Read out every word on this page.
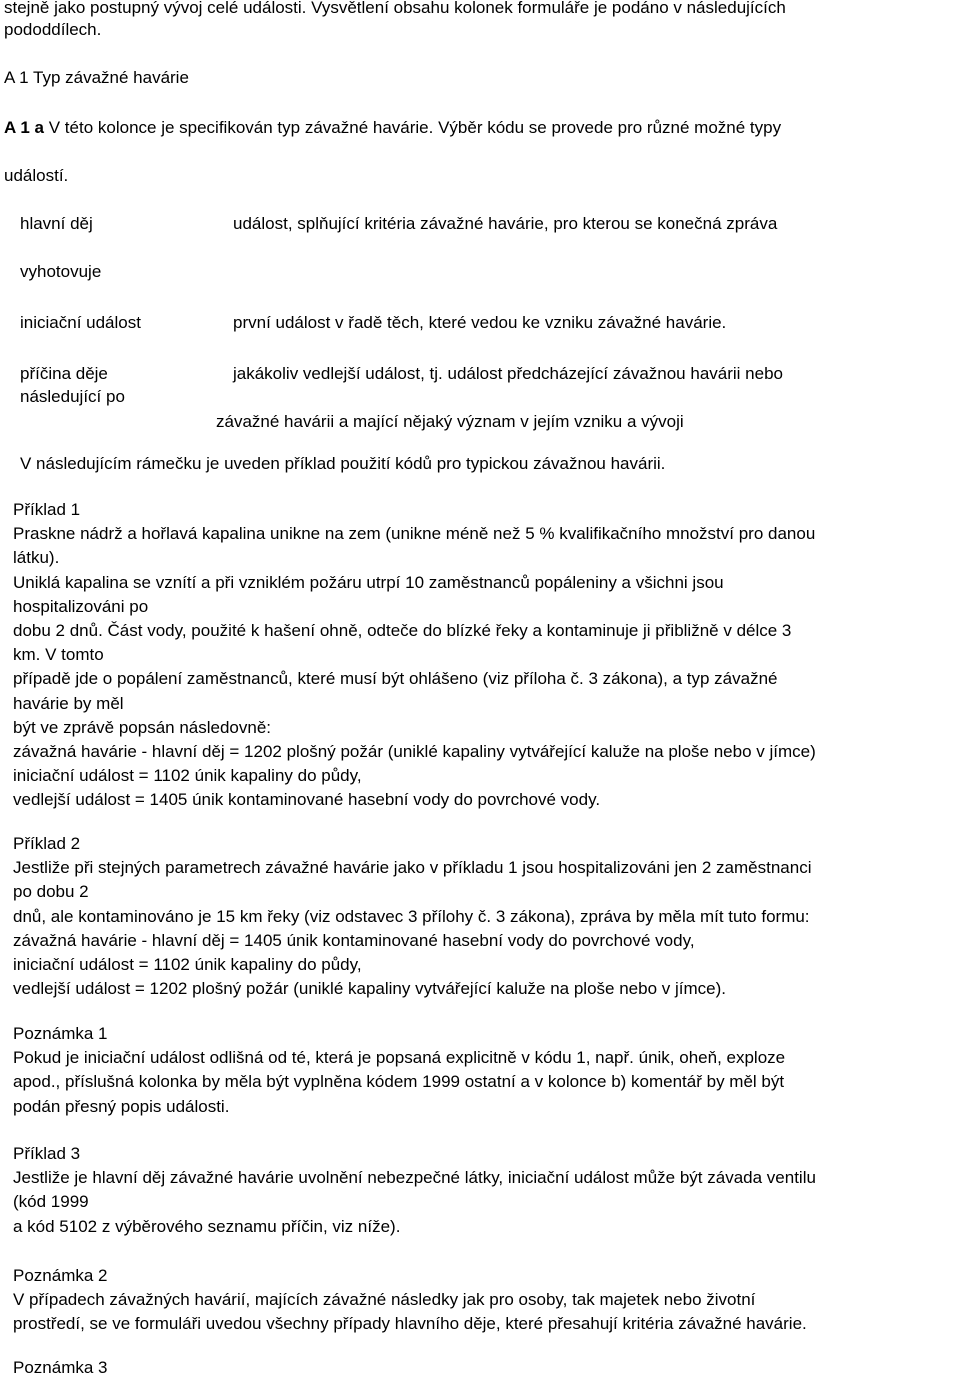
stejně jako postupný vývoj celé události. Vysvětlení obsahu kolonek formuláře je podáno v následujících
pododdílech.
A 1 Typ závažné havárie
A 1 a V této kolonce je specifikován typ závažné havárie. Výběr kódu se provede pro různé možné typy
událostí.
hlavní děj	událost, splňující kritéria závažné havárie, pro kterou se konečná zpráva
vyhotovuje
iniciační událost	první událost v řadě těch, které vedou ke vzniku závažné havárie.
příčina děje
následující po
jakákoliv vedlejší událost, tj. událost předcházející závažnou havárii nebo
závažné havárii a mající nějaký význam v jejím vzniku a vývoji
V následujícím rámečku je uveden příklad použití kódů pro typickou závažnou havárii.
Příklad 1
Praskne nádrž a hořlavá kapalina unikne na zem (unikne méně než 5 % kvalifikačního množství pro danou
látku).
Uniklá kapalina se vznítí a při vzniklém požáru utrpí 10 zaměstnanců popáleniny a všichni jsou
hospitalizováni po
dobu 2 dnů. Část vody, použité k hašení ohně, odteče do blízké řeky a kontaminuje ji přibližně v délce 3
km. V tomto
případě jde o popálení zaměstnanců, které musí být ohlášeno (viz příloha č. 3 zákona), a typ závažné
havárie by měl
být ve zprávě popsán následovně:
závažná havárie - hlavní děj = 1202 plošný požár (uniklé kapaliny vytvářející kaluže na ploše nebo v jímce)
iniciační událost = 1102 únik kapaliny do půdy,
vedlejší událost = 1405 únik kontaminované hasební vody do povrchové vody.
Příklad 2
Jestliže při stejných parametrech závažné havárie jako v příkladu 1 jsou hospitalizováni jen 2 zaměstnanci
po dobu 2
dnů, ale kontaminováno je 15 km řeky (viz odstavec 3 přílohy č. 3 zákona), zpráva by měla mít tuto formu:
závažná havárie - hlavní děj = 1405 únik kontaminované hasební vody do povrchové vody,
iniciační událost = 1102 únik kapaliny do půdy,
vedlejší událost = 1202 plošný požár (uniklé kapaliny vytvářející kaluže na ploše nebo v jímce).
Poznámka 1
Pokud je iniciační událost odlišná od té, která je popsaná explicitně v kódu 1, např. únik, oheň, exploze
apod., příslušná kolonka by měla být vyplněna kódem 1999 ostatní a v kolonce b) komentář by měl být
podán přesný popis události.
Příklad 3
Jestliže je hlavní děj závažné havárie uvolnění nebezpečné látky, iniciační událost může být závada ventilu
(kód 1999
a kód 5102 z výběrového seznamu příčin, viz níže).
Poznámka 2
V případech závažných havárií, majících závažné následky jak pro osoby, tak majetek nebo životní
prostředí, se ve formuláři uvedou všechny případy hlavního děje, které přesahují kritéria závažné havárie.
Poznámka 3
